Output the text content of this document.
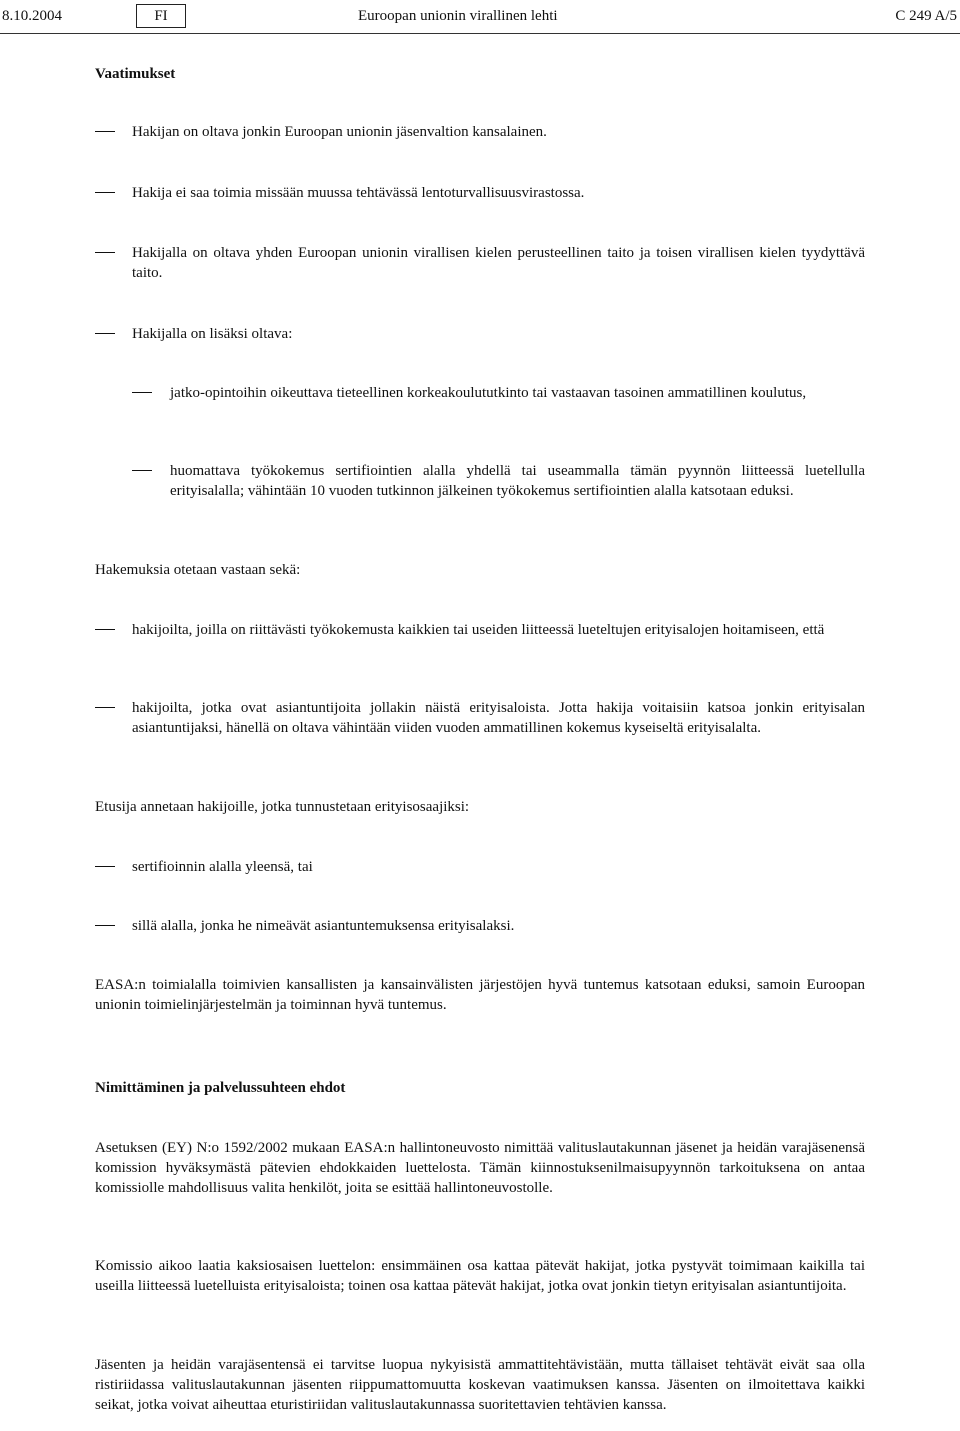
8.10.2004	FI	Euroopan unionin virallinen lehti	C 249 A/5
Vaatimukset
Hakijan on oltava jonkin Euroopan unionin jäsenvaltion kansalainen.
Hakija ei saa toimia missään muussa tehtävässä lentoturvallisuusvirastossa.
Hakijalla on oltava yhden Euroopan unionin virallisen kielen perusteellinen taito ja toisen virallisen kielen tyydyttävä taito.
Hakijalla on lisäksi oltava:
jatko-opintoihin oikeuttava tieteellinen korkeakoulututkinto tai vastaavan tasoinen ammatillinen koulutus,
huomattava työkokemus sertifiointien alalla yhdellä tai useammalla tämän pyynnön liitteessä luetellulla erityisalalla; vähintään 10 vuoden tutkinnon jälkeinen työkokemus sertifiointien alalla katsotaan eduksi.
Hakemuksia otetaan vastaan sekä:
hakijoilta, joilla on riittävästi työkokemusta kaikkien tai useiden liitteessä lueteltujen erityisalojen hoitamiseen, että
hakijoilta, jotka ovat asiantuntijoita jollakin näistä erityisaloista. Jotta hakija voitaisiin katsoa jonkin erityisalan asiantuntijaksi, hänellä on oltava vähintään viiden vuoden ammatillinen kokemus kyseiseltä erityisalalta.
Etusija annetaan hakijoille, jotka tunnustetaan erityisosaajiksi:
sertifioinnin alalla yleensä, tai
sillä alalla, jonka he nimeävät asiantuntemuksensa erityisalaksi.
EASA:n toimialalla toimivien kansallisten ja kansainvälisten järjestöjen hyvä tuntemus katsotaan eduksi, samoin Euroopan unionin toimielinjärjestelmän ja toiminnan hyvä tuntemus.
Nimittäminen ja palvelussuhteen ehdot
Asetuksen (EY) N:o 1592/2002 mukaan EASA:n hallintoneuvosto nimittää valituslautakunnan jäsenet ja heidän varajäsenensä komission hyväksymästä pätevien ehdokkaiden luettelosta. Tämän kiinnostuksenilmaisupyynnön tarkoituksena on antaa komissiolle mahdollisuus valita henkilöt, joita se esittää hallintoneuvostolle.
Komissio aikoo laatia kaksiosaisen luettelon: ensimmäinen osa kattaa pätevät hakijat, jotka pystyvät toimimaan kaikilla tai useilla liitteessä luetelluista erityisaloista; toinen osa kattaa pätevät hakijat, jotka ovat jonkin tietyn erityisalan asiantuntijoita.
Jäsenten ja heidän varajäsentensä ei tarvitse luopua nykyisistä ammattitehtävistään, mutta tällaiset tehtävät eivät saa olla ristiriidassa valituslautakunnan jäsenten riippumattomuutta koskevan vaatimuksen kanssa. Jäsenten on ilmoitettava kaikki seikat, jotka voivat aiheuttaa eturistiriidan valituslautakunnassa suoritettavien tehtävien kanssa.
